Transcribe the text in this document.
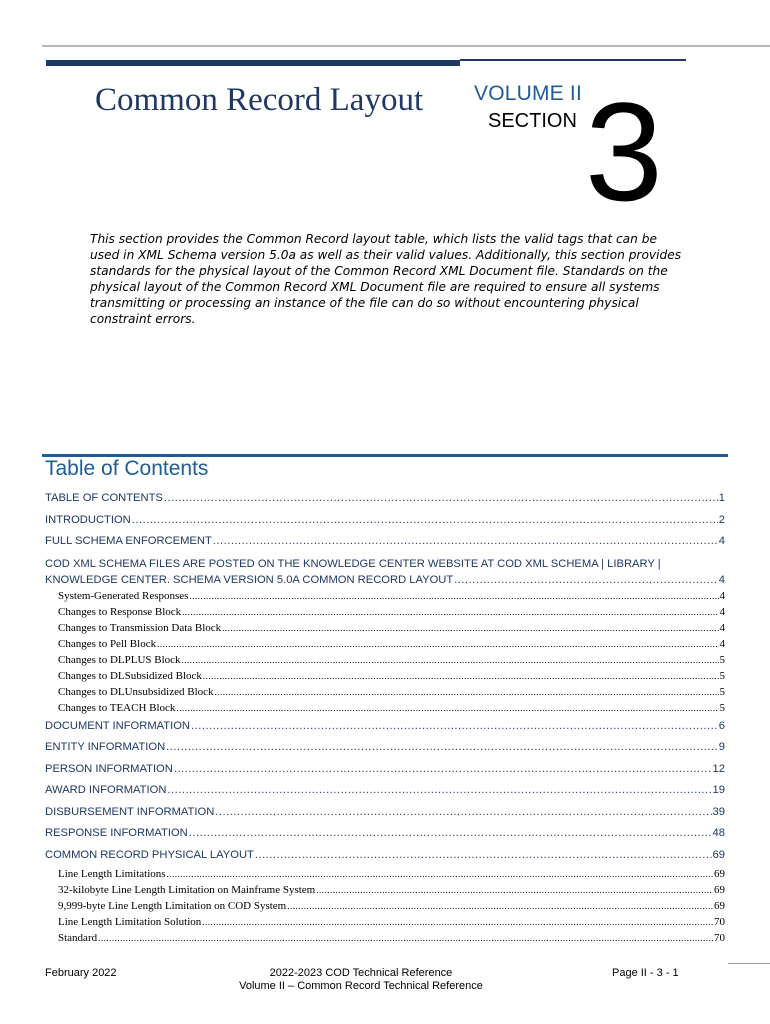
Common Record Layout VOLUME II
SECTION 3

This section provides the Common Record layout table, which lists the valid tags that can be used in XML Schema version 5.0a as well as their valid values. Additionally, this section provides standards for the physical layout of the Common Record XML Document file. Standards on the physical layout of the Common Record XML Document file are required to ensure all systems transmitting or processing an instance of the file can do so without encountering physical constraint errors.

Table of Contents
TABLE OF CONTENTS .....	1
INTRODUCTION .....	2
FULL SCHEMA ENFORCEMENT .....	4
COD XML SCHEMA FILES ARE POSTED ON THE KNOWLEDGE CENTER WEBSITE AT COD XML SCHEMA | LIBRARY |
KNOWLEDGE CENTER. SCHEMA VERSION 5.0A COMMON RECORD LAYOUT .....	4
System-Generated Responses .....	4
Changes to Response Block .....	4
Changes to Transmission Data Block .....	4
Changes to Pell Block .....	4
Changes to DLPLUS Block .....	5
Changes to DLSubsidized Block .....	5
Changes to DLUnsubsidized Block .....	5
Changes to TEACH Block .....	5
DOCUMENT INFORMATION .....	6
ENTITY INFORMATION .....	9
PERSON INFORMATION .....	12
AWARD INFORMATION .....	19
DISBURSEMENT INFORMATION .....	39
RESPONSE INFORMATION .....	48
COMMON RECORD PHYSICAL LAYOUT .....	69
Line Length Limitations .....	69
32-kilobyte Line Length Limitation on Mainframe System .....	69
9,999-byte Line Length Limitation on COD System .....	69
Line Length Limitation Solution .....	70
Standard .....	70
February 2022	2022-2023 COD Technical Reference
Volume II – Common Record Technical Reference
Page II - 3 - 1
